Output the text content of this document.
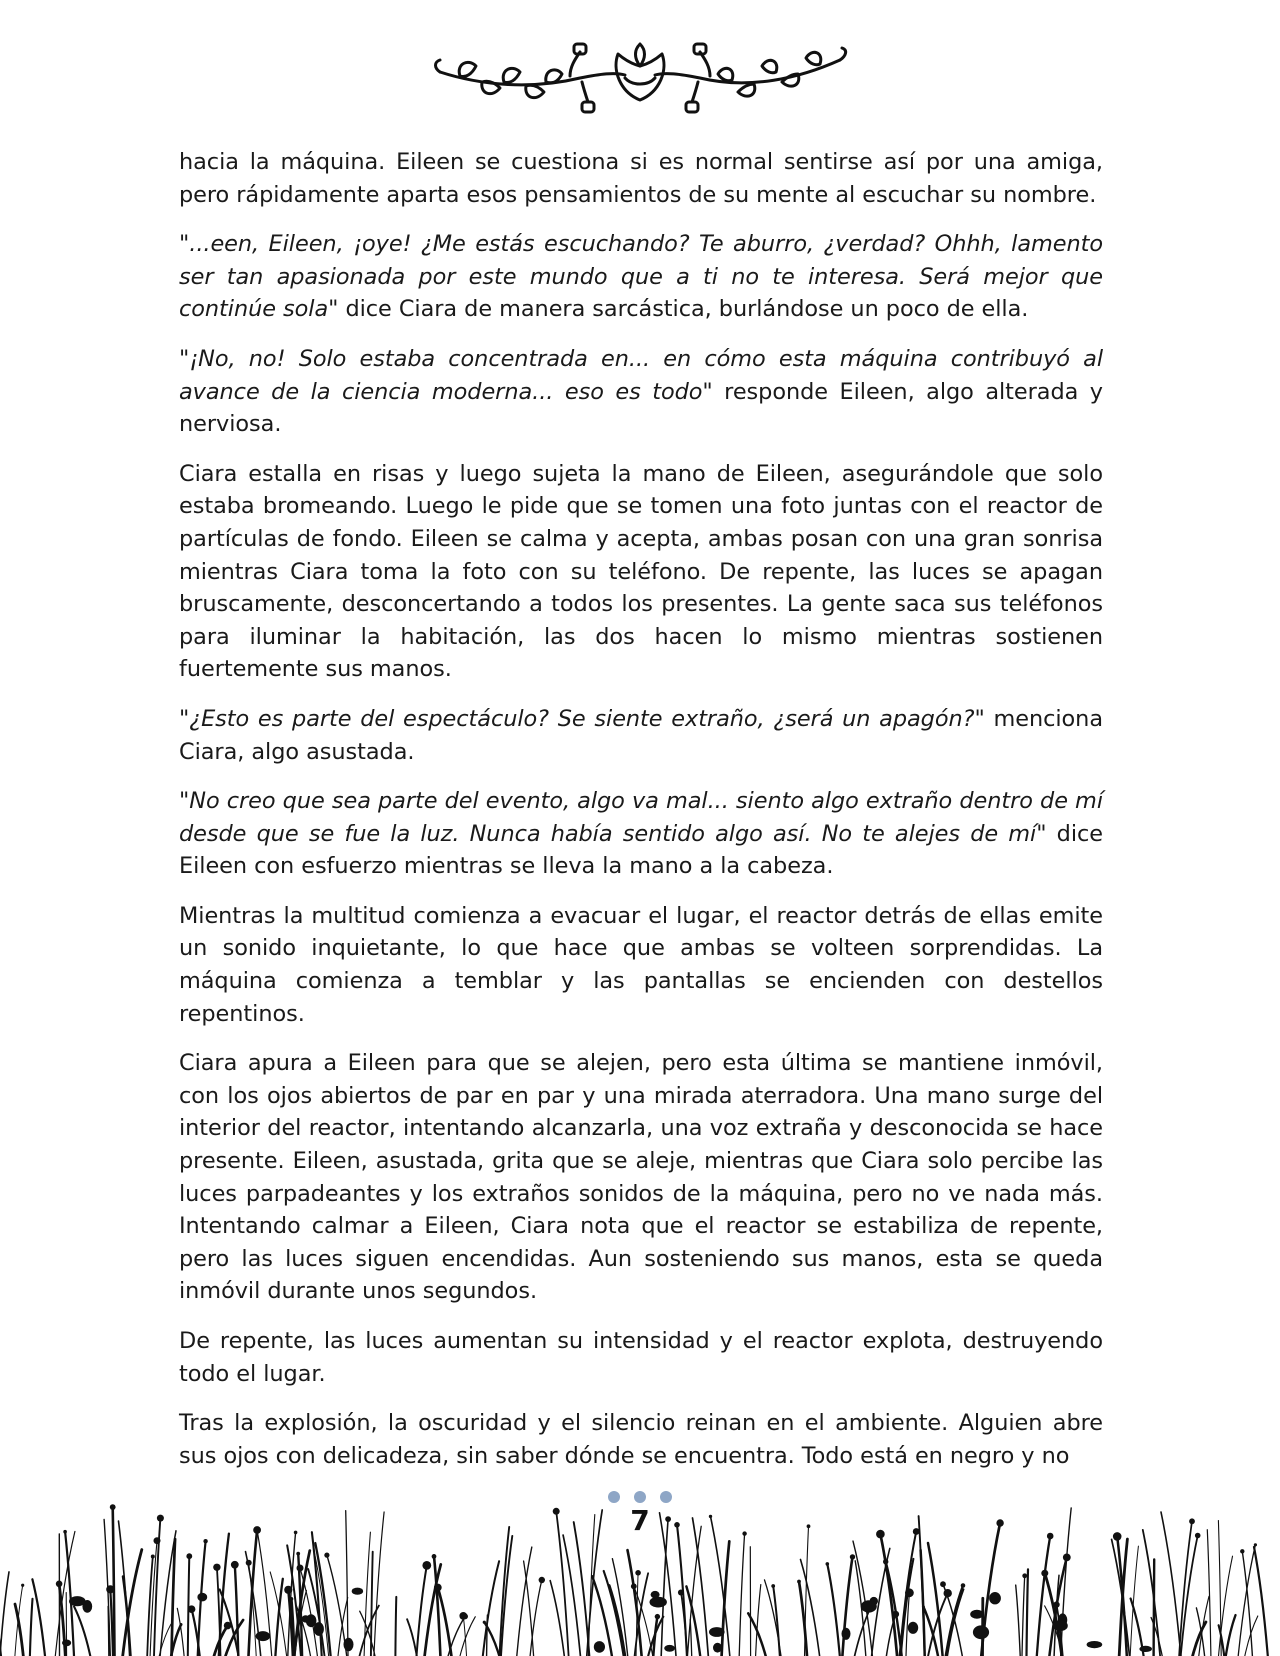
hacia la máquina. Eileen se cuestiona si es normal sentirse así por una amiga, pero rápidamente aparta esos pensamientos de su mente al escuchar su nombre.

"...een, Eileen, ¡oye! ¿Me estás escuchando? Te aburro, ¿verdad? Ohhh, lamento ser tan apasionada por este mundo que a ti no te interesa. Será mejor que continúe sola" dice Ciara de manera sarcástica, burlándose un poco de ella.

"¡No, no! Solo estaba concentrada en... en cómo esta máquina contribuyó al avance de la ciencia moderna... eso es todo" responde Eileen, algo alterada y nerviosa.

Ciara estalla en risas y luego sujeta la mano de Eileen, asegurándole que solo estaba bromeando. Luego le pide que se tomen una foto juntas con el reactor de partículas de fondo. Eileen se calma y acepta, ambas posan con una gran sonrisa mientras Ciara toma la foto con su teléfono. De repente, las luces se apagan bruscamente, desconcertando a todos los presentes. La gente saca sus teléfonos para iluminar la habitación, las dos hacen lo mismo mientras sostienen fuertemente sus manos.

"¿Esto es parte del espectáculo? Se siente extraño, ¿será un apagón?" menciona Ciara, algo asustada.

"No creo que sea parte del evento, algo va mal... siento algo extraño dentro de mí desde que se fue la luz. Nunca había sentido algo así. No te alejes de mí" dice Eileen con esfuerzo mientras se lleva la mano a la cabeza.

Mientras la multitud comienza a evacuar el lugar, el reactor detrás de ellas emite un sonido inquietante, lo que hace que ambas se volteen sorprendidas. La máquina comienza a temblar y las pantallas se encienden con destellos repentinos.

Ciara apura a Eileen para que se alejen, pero esta última se mantiene inmóvil, con los ojos abiertos de par en par y una mirada aterradora. Una mano surge del interior del reactor, intentando alcanzarla, una voz extraña y desconocida se hace presente. Eileen, asustada, grita que se aleje, mientras que Ciara solo percibe las luces parpadeantes y los extraños sonidos de la máquina, pero no ve nada más. Intentando calmar a Eileen, Ciara nota que el reactor se estabiliza de repente, pero las luces siguen encendidas. Aun sosteniendo sus manos, esta se queda inmóvil durante unos segundos.

De repente, las luces aumentan su intensidad y el reactor explota, destruyendo todo el lugar.

Tras la explosión, la oscuridad y el silencio reinan en el ambiente. Alguien abre sus ojos con delicadeza, sin saber dónde se encuentra. Todo está en negro y no

7
